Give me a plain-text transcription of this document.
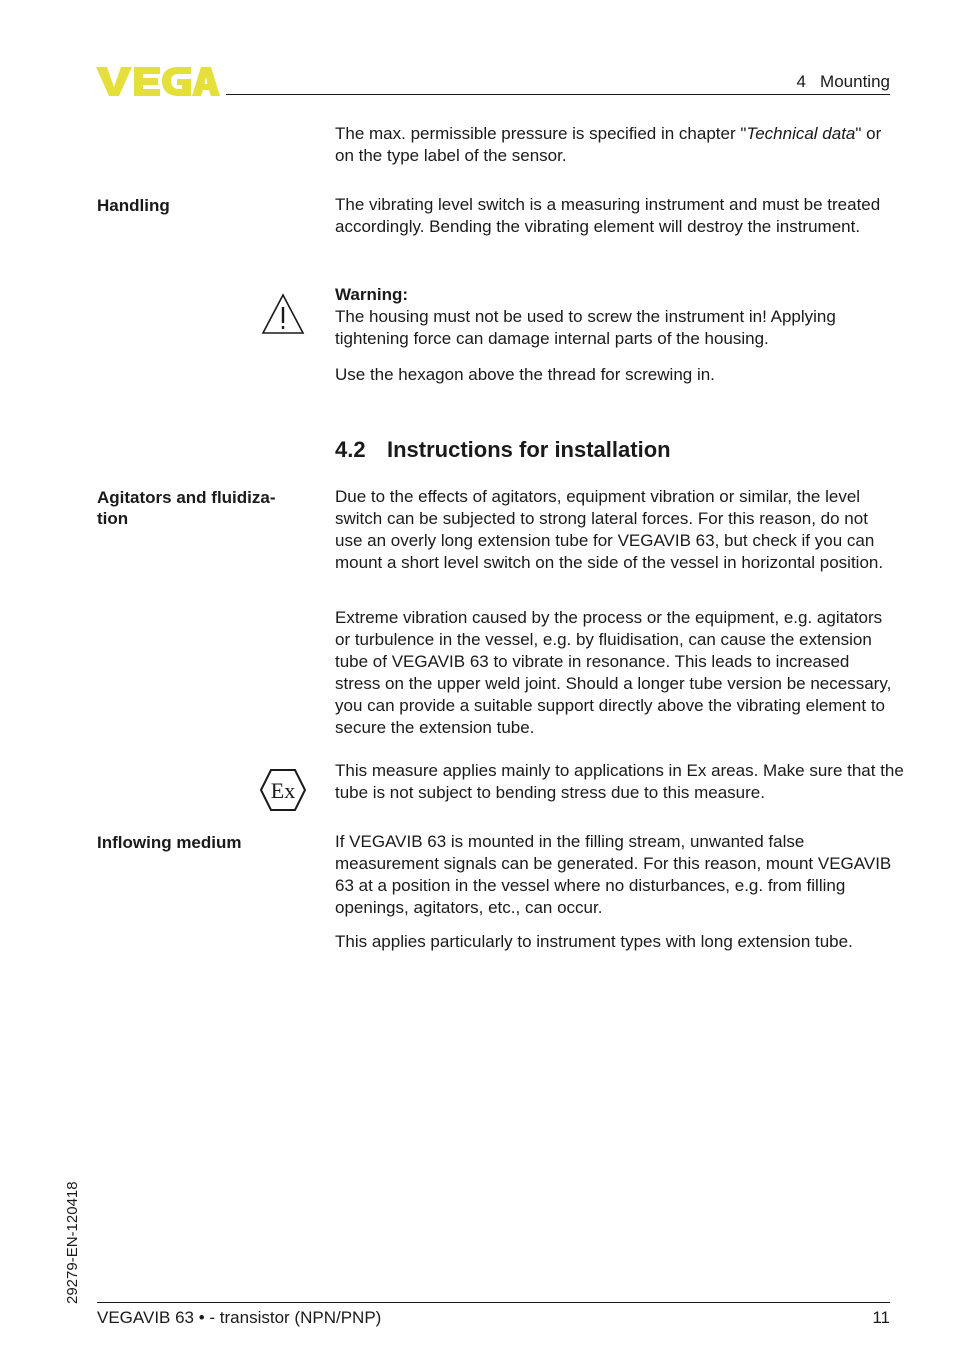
4   Mounting

The max. permissible pressure is specified in chapter "Technical data" or on the type label of the sensor.

Handling	The vibrating level switch is a measuring instrument and must be treated accordingly. Bending the vibrating element will destroy the instrument.

Warning:

The housing must not be used to screw the instrument in! Applying tightening force can damage internal parts of the housing.

Use the hexagon above the thread for screwing in.

4.2 Instructions for installation
Agitators and fluidiza-
tion

Due to the effects of agitators, equipment vibration or similar, the level switch can be subjected to strong lateral forces. For this reason, do not use an overly long extension tube for VEGAVIB 63, but check if you can mount a short level switch on the side of the vessel in horizontal position.

Extreme vibration caused by the process or the equipment, e.g. agitators or turbulence in the vessel, e.g. by fluidisation, can cause the extension tube of VEGAVIB 63 to vibrate in resonance. This leads to increased stress on the upper weld joint. Should a longer tube version be necessary, you can provide a suitable support directly above the vibrating element to secure the extension tube.

Ex

This measure applies mainly to applications in Ex areas. Make sure that the tube is not subject to bending stress due to this measure.

Inflowing medium	If VEGAVIB 63 is mounted in the filling stream, unwanted false measurement signals can be generated. For this reason, mount VEGAVIB 63 at a position in the vessel where no disturbances, e.g. from filling openings, agitators, etc., can occur.

This applies particularly to instrument types with long extension tube.

29279-EN-120418
VEGAVIB 63 • - transistor (NPN/PNP)	11
